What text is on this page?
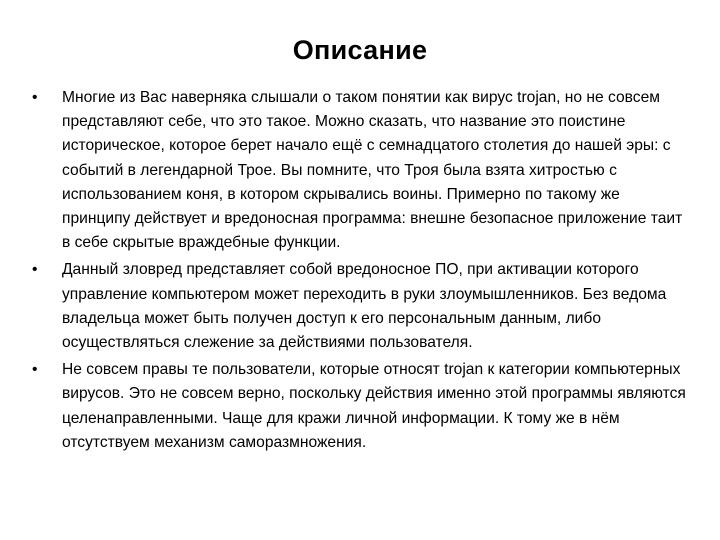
Описание
•	Многие из Вас наверняка слышали о таком понятии как вирус trojan, но не совсем представляют себе, что это такое. Можно сказать, что название это поистине историческое, которое берет начало ещё с семнадцатого столетия до нашей эры: с событий в легендарной Трое. Вы помните, что Троя была взята хитростью с использованием коня, в котором скрывались воины. Примерно по такому же принципу действует и вредоносная программа: внешне безопасное приложение таит в себе скрытые враждебные функции.
•	Данный зловред представляет собой вредоносное ПО, при активации которого управление компьютером может переходить в руки злоумышленников. Без ведома владельца может быть получен доступ к его персональным данным, либо осуществляться слежение за действиями пользователя.
•	Не совсем правы те пользователи, которые относят trojan к категории компьютерных вирусов. Это не совсем верно, поскольку действия именно этой программы являются целенаправленными. Чаще для кражи личной информации. К тому же в нём отсутствуем механизм саморазмножения.
